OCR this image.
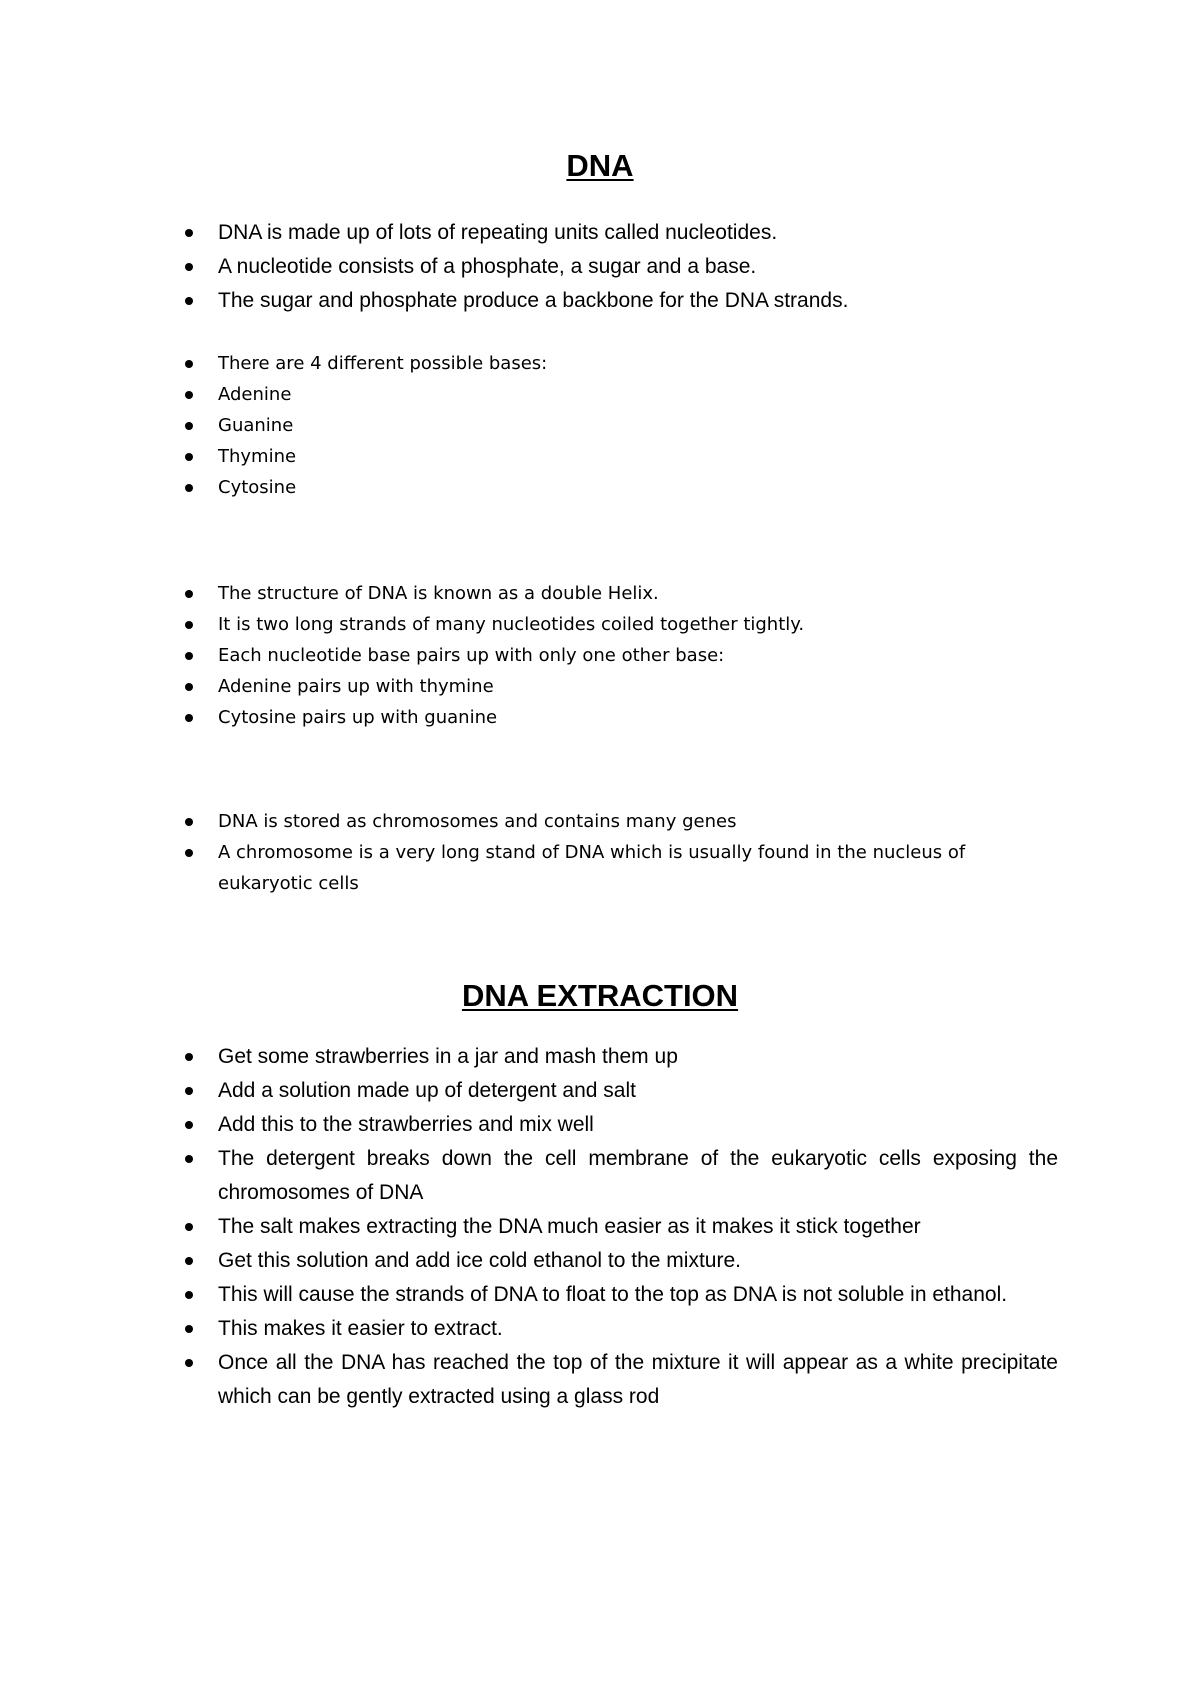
DNA
DNA is made up of lots of repeating units called nucleotides.
A nucleotide consists of a phosphate, a sugar and a base.
The sugar and phosphate produce a backbone for the DNA strands.
There are 4 different possible bases:
Adenine
Guanine
Thymine
Cytosine
The structure of DNA is known as a double Helix.
It is two long strands of many nucleotides coiled together tightly.
Each nucleotide base pairs up with only one other base:
Adenine pairs up with thymine
Cytosine pairs up with guanine
DNA is stored as chromosomes and contains many genes
A chromosome is a very long stand of DNA which is usually found in the nucleus of eukaryotic cells
DNA EXTRACTION
Get some strawberries in a jar and mash them up
Add a solution made up of detergent and salt
Add this to the strawberries and mix well
The detergent breaks down the cell membrane of the eukaryotic cells exposing the chromosomes of DNA
The salt makes extracting the DNA much easier as it makes it stick together
Get this solution and add ice cold ethanol to the mixture.
This will cause the strands of DNA to float to the top as DNA is not soluble in ethanol.
This makes it easier to extract.
Once all the DNA has reached the top of the mixture it will appear as a white precipitate which can be gently extracted using a glass rod
